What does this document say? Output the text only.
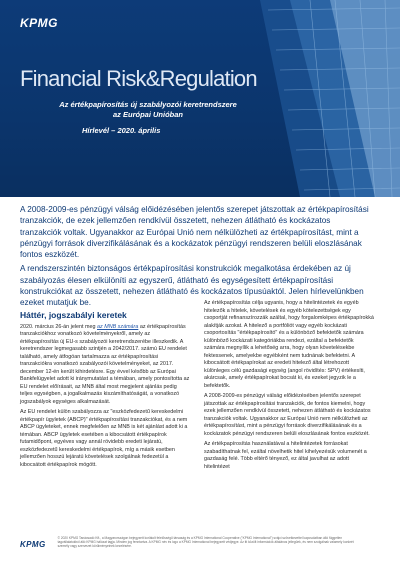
KPMG
Financial Risk&Regulation
Az értékpapírosítás új szabályozói keretrendszere az Európai Unióban
Hírlevél – 2020. április

A 2008-2009-es pénzügyi válság előidézésében jelentős szerepet játszottak az értékpapírosítási tranzakciók, de ezek jellemzően rendkívül összetett, nehezen átlátható és kockázatos tranzakciók voltak. Ugyanakkor az Európai Unió nem nélkülözheti az értékpapírosítást, mint a pénzügyi források diverzifikálásának és a kockázatok pénzügyi rendszeren belüli eloszlásának fontos eszközét.

A rendszerszintén biztonságos értékpapírosítási konstrukciók megalkotása érdekében az új szabályozás élesen elkülöníti az egyszerű, átlátható és egységesített értékpapírosítási konstrukciókat az összetett, nehezen átlátható és kockázatos típusúaktól. Jelen hírlevelünkben ezeket mutatjuk be.

Háttér, jogszabályi keretek

2020. március 26-án jelent meg az MNB számára az értékpapírosítás tranzakciókhoz vonatkozó követelményekről, amely az értékpapírosítás új EU-s szabályozói keretrendszerébe illeszkedik. A keretrendszer legmegasabb szintjén a 2042/2017. számú EU rendelet található, amely átfogóan tartalmazza az értékpapírosítási tranzakciókra vonatkozó szabályozói követelményeket, az 2017. december 12-én került kihirdetésre. Egy évvel később az Európai Bankfelügyelet adott ki iránymutatást a témában, amely pontosította az EU rendelet előírásait, az MNB által most megjelent ajánlás pedig teljes egységben, a jogalkalmazás kiszámíthatóságát, a vonatkozó jogszabályok egységes alkalmazását.

Az EU rendelet külön szabályozza az "eszközfedezetű kereskedelmi értékpapír ügyletek (ABCP)" értékpapírosítási tranzakciókat, és a nem ABCP ügyleteket, ennek megfelelően az MNB is két ajánlást adott ki a témában. ABCP ügyletek esetében a kibocsátott értékpapírok futamidőpont, egyéves vagy annál rövidebb eredeti lejáratú, eszközfedezetű kereskedelmi értékpapírok, míg a másik esetben jellemzően hosszú lejáratú követelések szolgálnak fedezetül a kibocsátott értékpapírok mögött.

Az értékpapírosítás célja ugyanis, hogy a hitelintézetek és egyéb hitelezők a hitelek, követelések és egyéb kötelezettségek egy csoportját refinanszírozzák azáltal, hogy forgalomképes értékpapírokká alakítják azokat. A hitelező a portfóliót vagy egyéb kockázati csoportosítás "értékpapírosító" és a különböző befektetők számára különböző kockázati kategóriákba rendezi, ezáltal a befektetők számára megnyílik a lehetőség arra, hogy olyan követelésekbe fektessenek, amelyekbe egyébként nem tudnának befektetni. A kibocsátott értékpapírokat az eredeti hitelező által létrehozott különleges célú gazdasági egység (angol rövidítés: SPV) értékesíti, akárcsak, amely értékpapírokat bocsát ki, és ezeket jegyzik le a befektetők.

A 2008-2009-es pénzügyi válság előidézésében jelentős szerepet játszottak az értékpapírosítási tranzakciók, de fontos kiemelni, hogy ezek jellemzően rendkívül összetett, nehezen átlátható és kockázatos tranzakciók voltak. Ugyanakkor az Európai Unió nem nélkülözheti az értékpapírosítást, mint a pénzügyi források diverzifikálásának és a kockázatok pénzügyi rendszeren belüli eloszlásának fontos eszközét.

Az értékpapírosítás használatával a hitelintézetek forrásokat szabadíthatnak fel, ezáltal növelhetik hitel kihelyezésük volumenét a gazdaság felé. Több eltérő tényező, ez által javulhat az adott hitelintézet

KPMG
© 2020 KPMG Tanácsadó Kft., a Magyarországon bejegyzett korlátolt felelősségű társaság és a KPMG International Cooperative ("KPMG International") svájci szövetkezettel kapcsolatban álló független tagvállalatokból álló KPMG hálózat tagja. Minden jog fenntartva. A KPMG név és logo a KPMG International bejegyzett védjegye. Az itt közölt információk általános jellegűek, és nem szolgálnak valamely konkrét személy vagy szervezet körülményeinek kezelésére.
